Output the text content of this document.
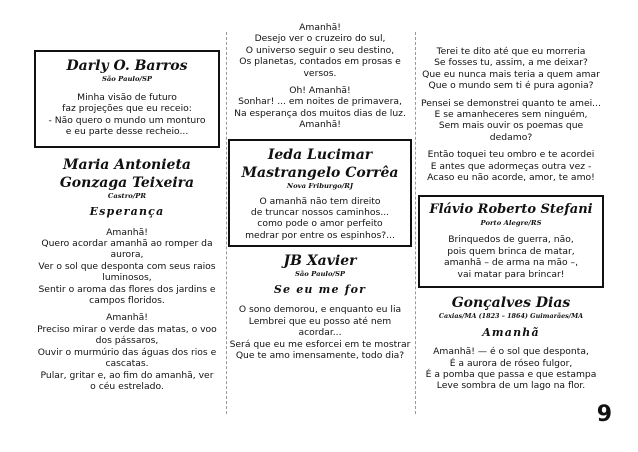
Darly O. Barros
São Paulo/SP

Minha visão de futuro

faz projeções que eu receio:

- Não quero o mundo um monturo

e eu parte desse recheio...

Maria Antonieta
Gonzaga Teixeira
Castro/PR
Esperança

Amanhã!

Quero acordar amanhã ao romper da

aurora,

Ver o sol que desponta com seus raios

luminosos,

Sentir o aroma das flores dos jardins e

campos floridos.

Amanhã!

Preciso mirar o verde das matas, o voo

dos pássaros,

Ouvir o murmúrio das águas dos rios e

cascatas.

Pular, gritar e, ao fim do amanhã, ver

o céu estrelado.

Amanhã!

Desejo ver o cruzeiro do sul,

O universo seguir o seu destino,

Os planetas, contados em prosas e

versos.

Oh! Amanhã!

Sonhar! ... em noites de primavera,

Na esperança dos muitos dias de luz.

Amanhã!

Ieda Lucimar
Mastrangelo Corrêa
Nova Friburgo/RJ

O amanhã não tem direito

de truncar nossos caminhos...

como pode o amor perfeito

medrar por entre os espinhos?...

JB Xavier
São Paulo/SP
Se eu me for

O sono demorou, e enquanto eu lia

Lembrei que eu posso até nem

acordar...

Será que eu me esforcei em te mostrar

Que te amo imensamente, todo dia?

Terei te dito até que eu morreria

Se fosses tu, assim, a me deixar?

Que eu nunca mais teria a quem amar

Que o mundo sem ti é pura agonia?

Pensei se demonstrei quanto te amei...

E se amanheceres sem ninguém,

Sem mais ouvir os poemas que

dedamo?

Então toquei teu ombro e te acordei

E antes que adormeças outra vez -

Acaso eu não acorde, amor, te amo!

Flávio Roberto Stefani
Porto Alegre/RS

Brinquedos de guerra, não,

pois quem brinca de matar,

amanhã – de arma na mão –,

vai matar para brincar!

Gonçalves Dias
Caxias/MA (1823 – 1864) Guimarães/MA
Amanhã

Amanhã! — é o sol que desponta,

É a aurora de róseo fulgor,

É a pomba que passa e que estampa

Leve sombra de um lago na flor.

9
